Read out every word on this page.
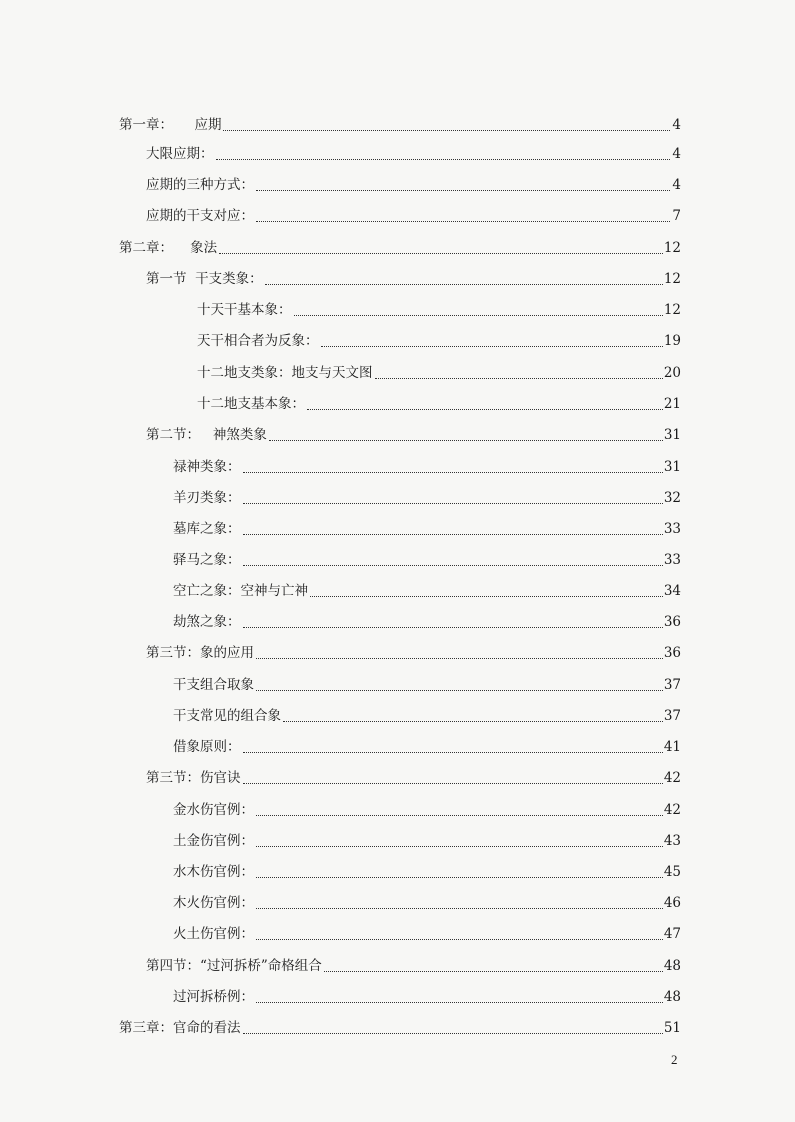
第一章：     应期	4
大限应期：	4
应期的三种方式：	4
应期的干支对应：	7
第二章：    象法	12
第一节  干支类象：	12
十天干基本象：	12
天干相合者为反象：	19
十二地支类象：地支与天文图	20
十二地支基本象：	21
第二节：   神煞类象	31
禄神类象：	31
羊刃类象：	32
墓库之象：	33
驿马之象：	33
空亡之象：空神与亡神	34
劫煞之象：	36
第三节：象的应用	36
干支组合取象	37
干支常见的组合象	37
借象原则：	41
第三节：伤官诀	42
金水伤官例：	42
土金伤官例：	43
水木伤官例：	45
木火伤官例：	46
火土伤官例：	47
第四节：“过河拆桥”命格组合	48
过河拆桥例：	48
第三章：官命的看法	51
2
